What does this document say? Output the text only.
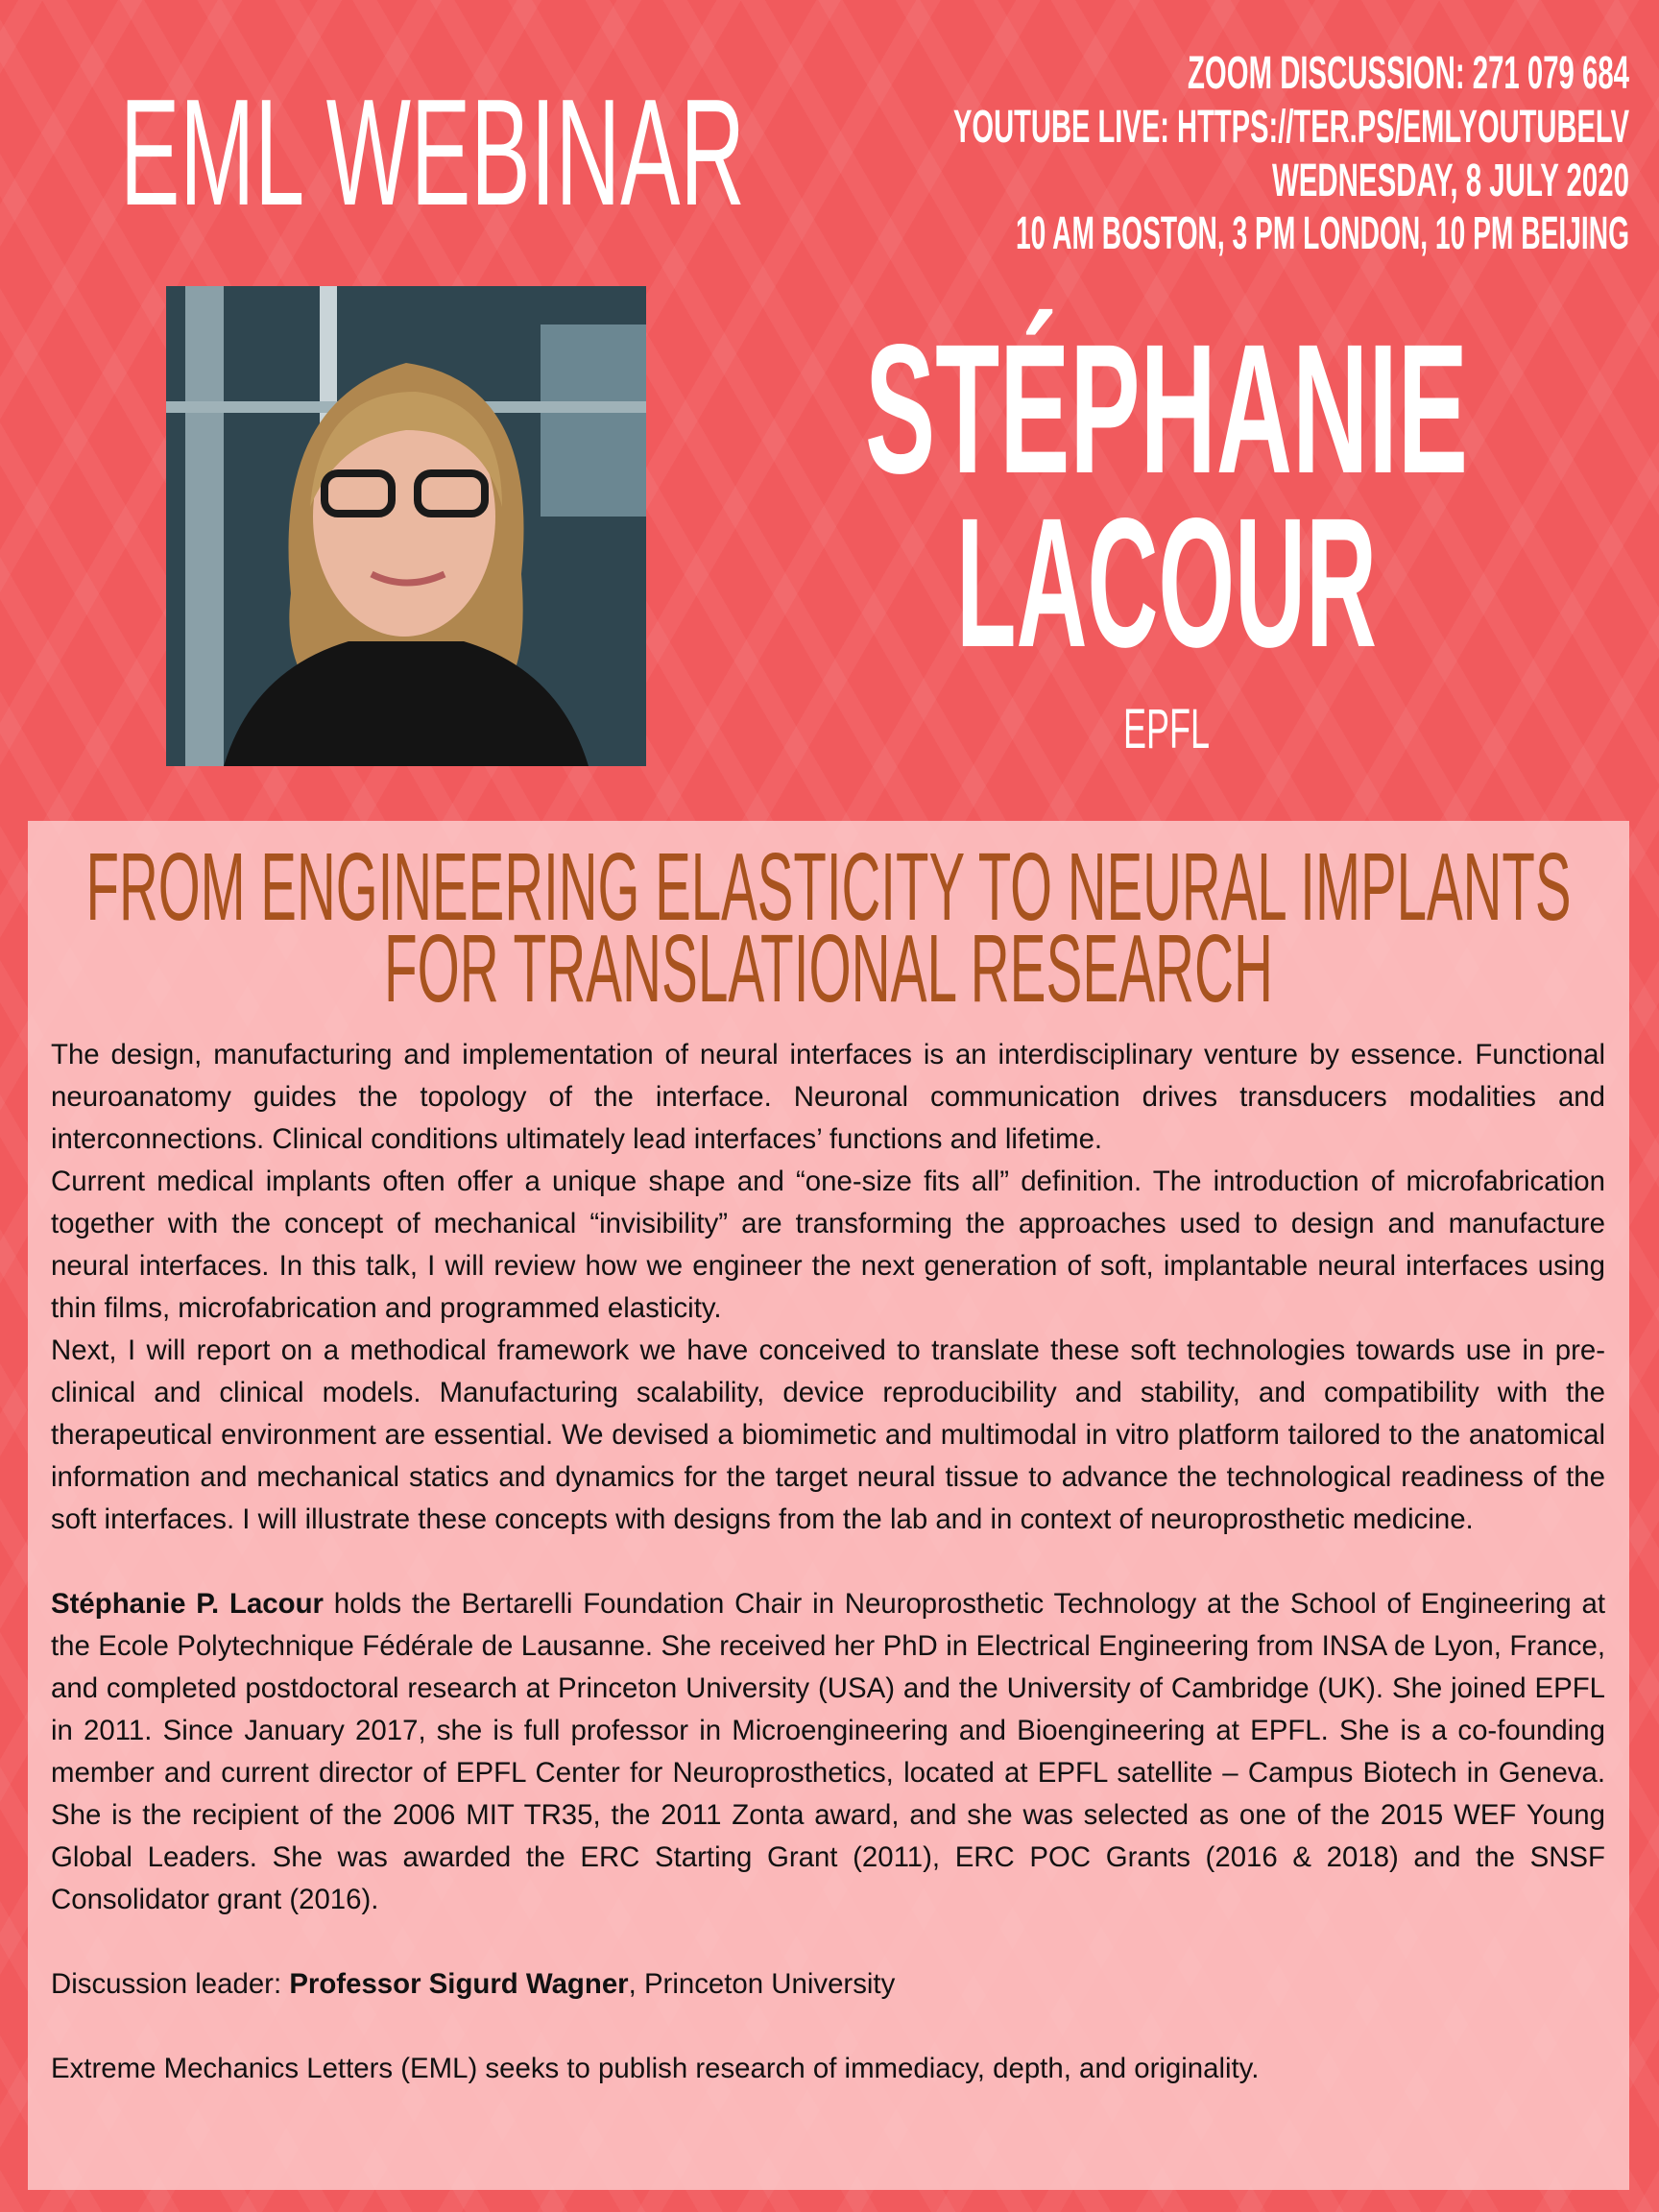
EML WEBINAR	ZOOM DISCUSSION: 271 079 684
YOUTUBE LIVE: HTTPS://TER.PS/EMLYOUTUBELV
WEDNESDAY, 8 JULY 2020
10 AM BOSTON, 3 PM LONDON, 10 PM BEIJING
STÉPHANIE
LACOUR
EPFL
FROM ENGINEERING ELASTICITY TO NEURAL IMPLANTS
FOR TRANSLATIONAL RESEARCH

The design, manufacturing and implementation of neural interfaces is an interdisciplinary venture by essence. Functional neuroanatomy guides the topology of the interface. Neuronal communication drives transducers modalities and interconnections. Clinical conditions ultimately lead interfaces’ functions and lifetime.

Current medical implants often offer a unique shape and “one-size fits all” definition. The introduction of microfabrication together with the concept of mechanical “invisibility” are transforming the approaches used to design and manufacture neural interfaces. In this talk, I will review how we engineer the next generation of soft, implantable neural interfaces using thin films, microfabrication and programmed elasticity.

Next, I will report on a methodical framework we have conceived to translate these soft technologies towards use in pre-clinical and clinical models. Manufacturing scalability, device reproducibility and stability, and compatibility with the therapeutical environment are essential. We devised a biomimetic and multimodal in vitro platform tailored to the anatomical information and mechanical statics and dynamics for the target neural tissue to advance the technological readiness of the soft interfaces. I will illustrate these concepts with designs from the lab and in context of neuroprosthetic medicine.

Stéphanie P. Lacour holds the Bertarelli Foundation Chair in Neuroprosthetic Technology at the School of Engineering at the Ecole Polytechnique Fédérale de Lausanne. She received her PhD in Electrical Engineering from INSA de Lyon, France, and completed postdoctoral research at Princeton University (USA) and the University of Cambridge (UK). She joined EPFL in 2011. Since January 2017, she is full professor in Microengineering and Bioengineering at EPFL. She is a co-founding member and current director of EPFL Center for Neuroprosthetics, located at EPFL satellite – Campus Biotech in Geneva. She is the recipient of the 2006 MIT TR35, the 2011 Zonta award, and she was selected as one of the 2015 WEF Young Global Leaders. She was awarded the ERC Starting Grant (2011), ERC POC Grants (2016 & 2018) and the SNSF Consolidator grant (2016).

Discussion leader: Professor Sigurd Wagner, Princeton University

Extreme Mechanics Letters (EML) seeks to publish research of immediacy, depth, and originality.
